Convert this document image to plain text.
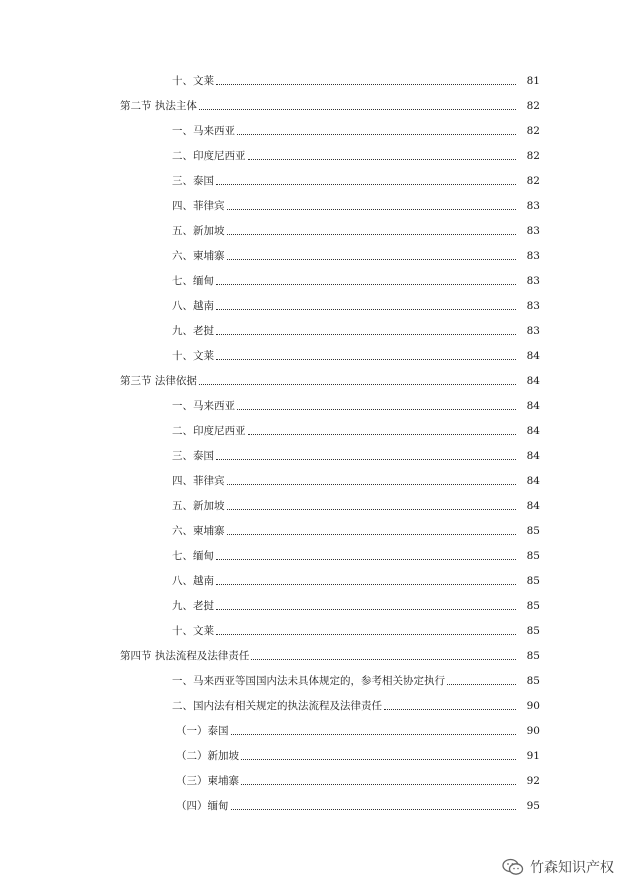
十、文莱	81
第二节 执法主体	82
一、马来西亚	82
二、印度尼西亚	82
三、泰国	82
四、菲律宾	83
五、新加坡	83
六、柬埔寨	83
七、缅甸	83
八、越南	83
九、老挝	83
十、文莱	84
第三节 法律依据	84
一、马来西亚	84
二、印度尼西亚	84
三、泰国	84
四、菲律宾	84
五、新加坡	84
六、柬埔寨	85
七、缅甸	85
八、越南	85
九、老挝	85
十、文莱	85
第四节 执法流程及法律责任	85
一、马来西亚等国国内法未具体规定的，参考相关协定执行	85
二、国内法有相关规定的执法流程及法律责任	90
（一）泰国	90
（二）新加坡	91
（三）柬埔寨	92
（四）缅甸	95
竹森知识产权
